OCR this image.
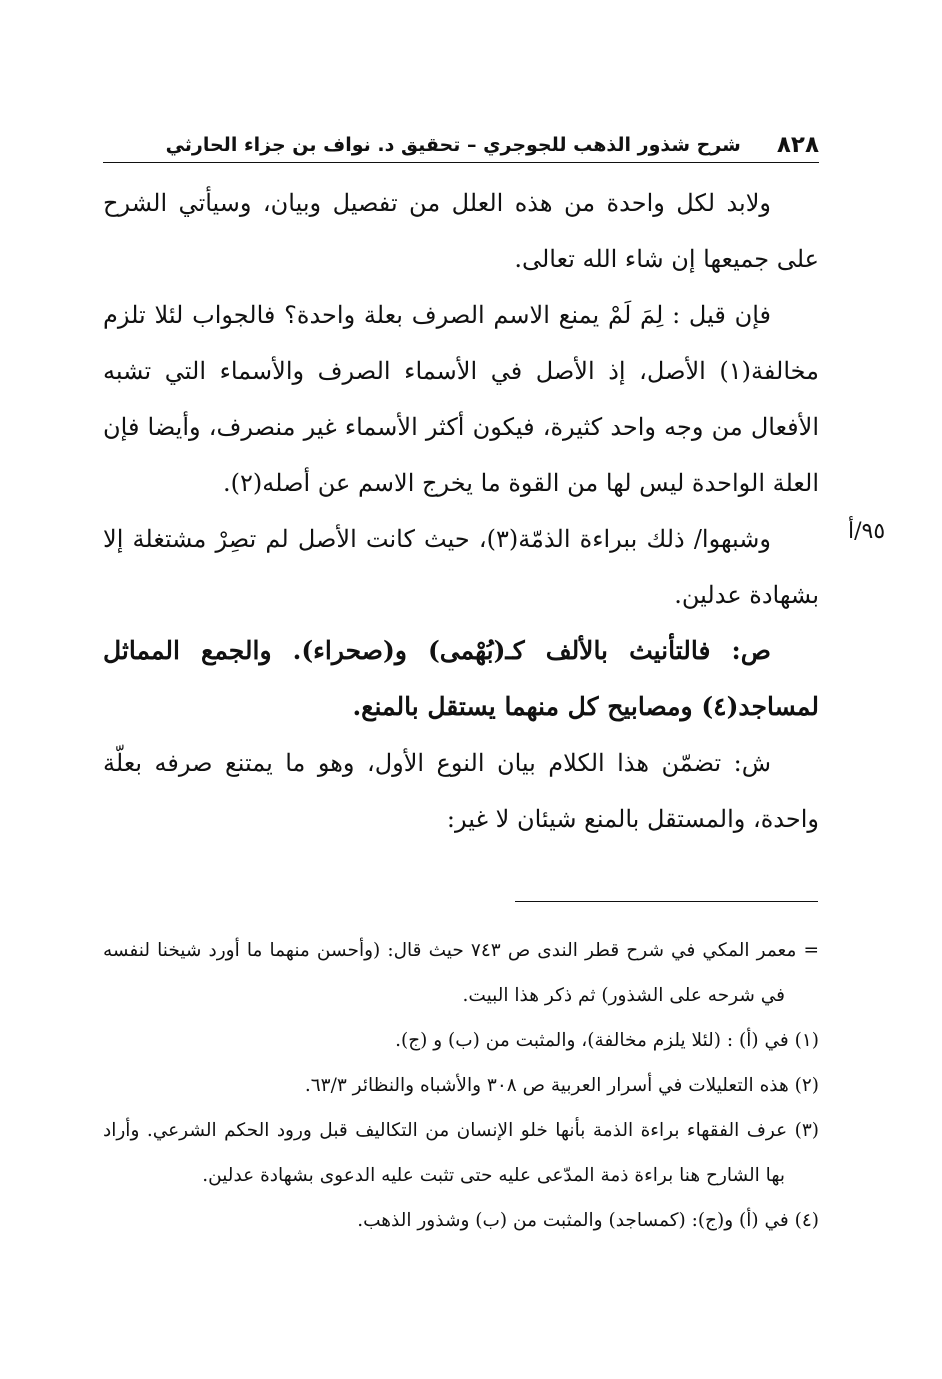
٨٢٨
شرح شذور الذهب للجوجري – تحقيق د. نواف بن جزاء الحارثي
٩٥/أ

ولابد لكل واحدة من هذه العلل من تفصيل وبيان، وسيأتي الشرح على جميعها إن شاء الله تعالى.

فإن قيل : لِمَ لَمْ يمنع الاسم الصرف بعلة واحدة؟ فالجواب لئلا تلزم مخالفة(١) الأصل، إذ الأصل في الأسماء الصرف والأسماء التي تشبه الأفعال من وجه واحد كثيرة، فيكون أكثر الأسماء غير منصرف، وأيضا فإن العلة الواحدة ليس لها من القوة ما يخرج الاسم عن أصله(٢).

وشبهوا/ ذلك ببراءة الذمّة(٣)، حيث كانت الأصل لم تصِرْ مشتغلة إلا بشهادة عدلين.

ص: فالتأنيث بالألف كـ(بُهْمى) و(صحراء). والجمع المماثل لمساجد(٤) ومصابيح كل منهما يستقل بالمنع.

ش: تضمّن هذا الكلام بيان النوع الأول، وهو ما يمتنع صرفه بعلّة واحدة، والمستقل بالمنع شيئان لا غير:

= معمر المكي في شرح قطر الندى ص ٧٤٣ حيث قال: (وأحسن منهما ما أورد شيخنا لنفسه في شرحه على الشذور) ثم ذكر هذا البيت.

(١) في (أ) : (لئلا يلزم مخالفة)، والمثبت من (ب) و (ج).

(٢) هذه التعليلات في أسرار العربية ص ٣٠٨ والأشباه والنظائر ٦٣/٣.

(٣) عرف الفقهاء براءة الذمة بأنها خلو الإنسان من التكاليف قبل ورود الحكم الشرعي. وأراد بها الشارح هنا براءة ذمة المدّعى عليه حتى تثبت عليه الدعوى بشهادة عدلين.

(٤) في (أ) و(ج): (كمساجد) والمثبت من (ب) وشذور الذهب.
